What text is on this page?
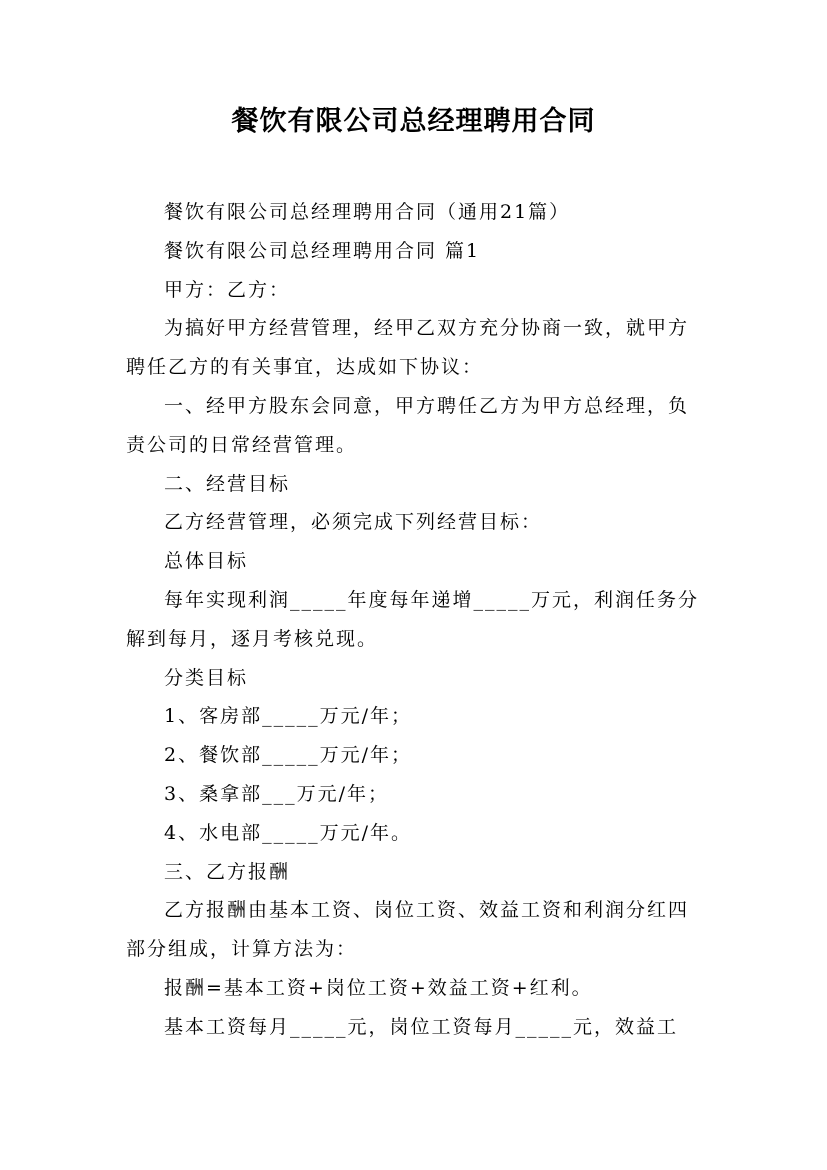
餐饮有限公司总经理聘用合同

餐饮有限公司总经理聘用合同（通用21篇）

餐饮有限公司总经理聘用合同 篇1

甲方：乙方：

为搞好甲方经营管理，经甲乙双方充分协商一致，就甲方聘任乙方的有关事宜，达成如下协议：

一、经甲方股东会同意，甲方聘任乙方为甲方总经理，负责公司的日常经营管理。

二、经营目标

乙方经营管理，必须完成下列经营目标：

总体目标

每年实现利润_____年度每年递增_____万元，利润任务分解到每月，逐月考核兑现。

分类目标

1、客房部_____万元/年；

2、餐饮部_____万元/年；

3、桑拿部___万元/年；

4、水电部_____万元/年。

三、乙方报酬

乙方报酬由基本工资、岗位工资、效益工资和利润分红四部分组成，计算方法为：

报酬=基本工资+岗位工资+效益工资+红利。

基本工资每月_____元，岗位工资每月_____元，效益工
